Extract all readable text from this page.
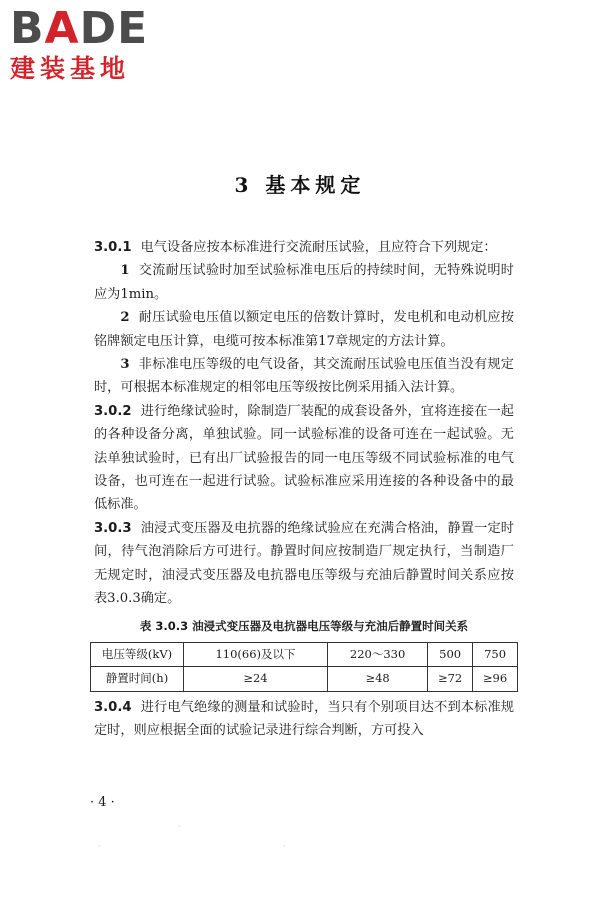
BADE
建装基地
3 基本规定

3.0.1 电气设备应按本标准进行交流耐压试验，且应符合下列规定：

1 交流耐压试验时加至试验标准电压后的持续时间，无特殊说明时应为1min。

2 耐压试验电压值以额定电压的倍数计算时，发电机和电动机应按铭牌额定电压计算，电缆可按本标准第17章规定的方法计算。

3 非标准电压等级的电气设备，其交流耐压试验电压值当没有规定时，可根据本标准规定的相邻电压等级按比例采用插入法计算。

3.0.2 进行绝缘试验时，除制造厂装配的成套设备外，宜将连接在一起的各种设备分离，单独试验。同一试验标准的设备可连在一起试验。无法单独试验时，已有出厂试验报告的同一电压等级不同试验标准的电气设备，也可连在一起进行试验。试验标准应采用连接的各种设备中的最低标准。

3.0.3 油浸式变压器及电抗器的绝缘试验应在充满合格油，静置一定时间，待气泡消除后方可进行。静置时间应按制造厂规定执行，当制造厂无规定时，油浸式变压器及电抗器电压等级与充油后静置时间关系应按表3.0.3确定。

表 3.0.3 油浸式变压器及电抗器电压等级与充油后静置时间关系
电压等级(kV)	110(66)及以下	220～330	500	750
静置时间(h)	≥24	≥48	≥72	≥96

3.0.4 进行电气绝缘的测量和试验时，当只有个别项目达不到本标准规定时，则应根据全面的试验记录进行综合判断，方可投入

· 4 ·
·
·
·
